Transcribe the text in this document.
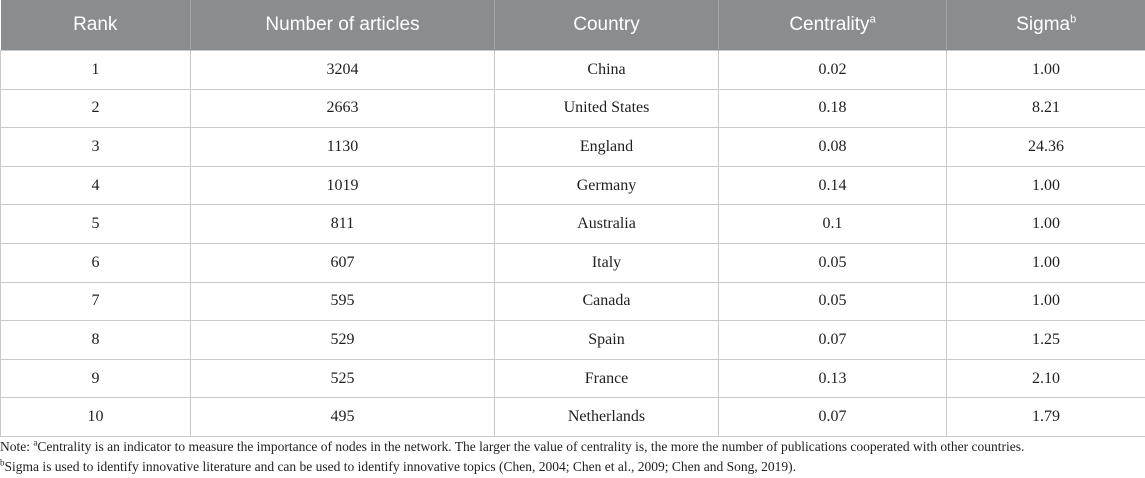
Rank	Number of articles	Country	Centrality$^a$	Sigma$^b$
1	3204	China	0.02	1.00
2	2663	United States	0.18	8.21
3	1130	England	0.08	24.36
4	1019	Germany	0.14	1.00
5	811	Australia	0.1	1.00
6	607	Italy	0.05	1.00
7	595	Canada	0.05	1.00
8	529	Spain	0.07	1.25
9	525	France	0.13	2.10
10	495	Netherlands	0.07	1.79

Note: $^a$Centrality is an indicator to measure the importance of nodes in the network. The larger the value of centrality is, the more the number of publications cooperated with other countries.

$^b$Sigma is used to identify innovative literature and can be used to identify innovative topics (Chen, 2004; Chen et al., 2009; Chen and Song, 2019).
